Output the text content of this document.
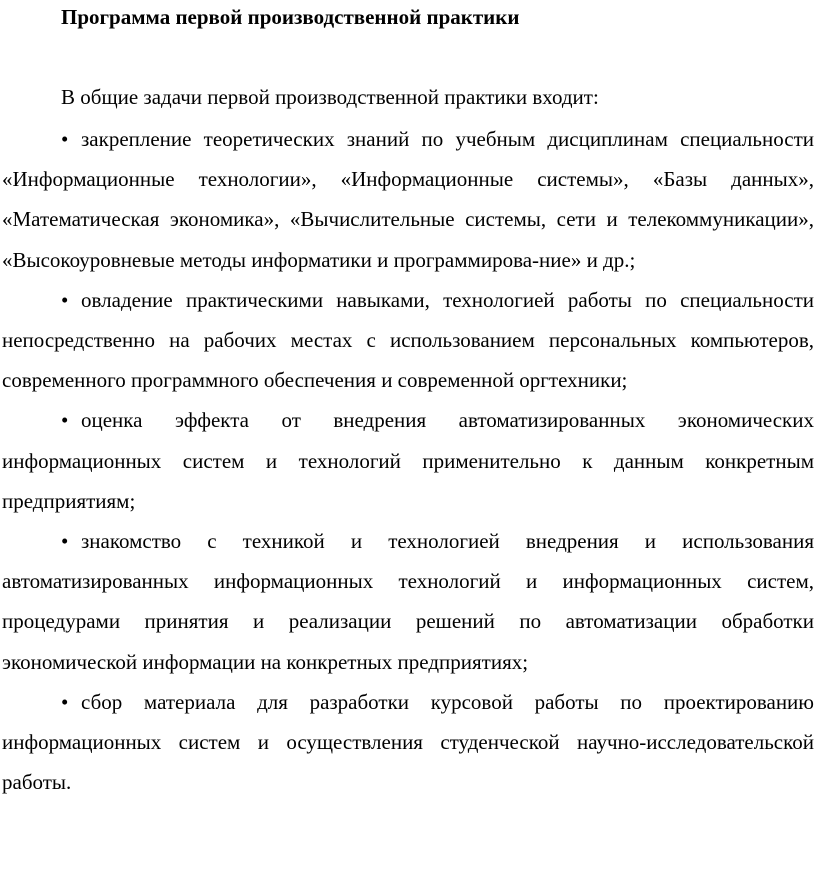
Программа первой производственной практики
В общие задачи первой производственной практики входит:

• закрепление теоретических знаний по учебным дисциплинам специальности «Информационные технологии», «Информационные системы», «Базы данных», «Математическая экономика», «Вычислительные системы, сети и телекоммуникации», «Высокоуровневые методы информатики и программирова-ние» и др.;

• овладение практическими навыками, технологией работы по специальности непосредственно на рабочих местах с использованием персональных компьютеров, современного программного обеспечения и современной оргтехники;

• оценка эффекта от внедрения автоматизированных экономических информационных систем и технологий применительно к данным конкретным предприятиям;

• знакомство с техникой и технологией внедрения и использования автоматизированных информационных технологий и информационных систем, процедурами принятия и реализации решений по автоматизации обработки экономической информации на конкретных предприятиях;

• сбор материала для разработки курсовой работы по проектированию информационных систем и осуществления студенческой научно-исследовательской работы.
